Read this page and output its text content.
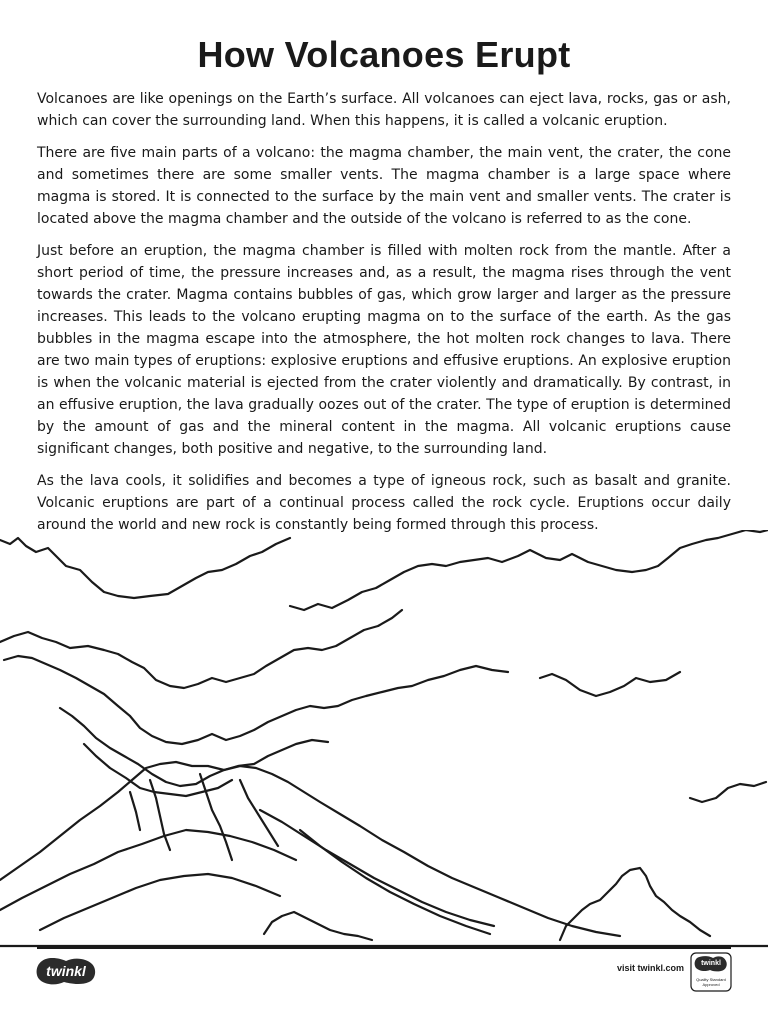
How Volcanoes Erupt

Volcanoes are like openings on the Earth’s surface. All volcanoes can eject lava, rocks, gas or ash, which can cover the surrounding land. When this happens, it is called a volcanic eruption.

There are five main parts of a volcano: the magma chamber, the main vent, the crater, the cone and sometimes there are some smaller vents. The magma chamber is a large space where magma is stored. It is connected to the surface by the main vent and smaller vents. The crater is located above the magma chamber and the outside of the volcano is referred to as the cone.

Just before an eruption, the magma chamber is filled with molten rock from the mantle. After a short period of time, the pressure increases and, as a result, the magma rises through the vent towards the crater. Magma contains bubbles of gas, which grow larger and larger as the pressure increases. This leads to the volcano erupting magma on to the surface of the earth. As the gas bubbles in the magma escape into the atmosphere, the hot molten rock changes to lava. There are two main types of eruptions: explosive eruptions and effusive eruptions. An explosive eruption is when the volcanic material is ejected from the crater violently and dramatically. By contrast, in an effusive eruption, the lava gradually oozes out of the crater. The type of eruption is determined by the amount of gas and the mineral content in the magma. All volcanic eruptions cause significant changes, both positive and negative, to the surrounding land.

As the lava cools, it solidifies and becomes a type of igneous rock, such as basalt and granite. Volcanic eruptions are part of a continual process called the rock cycle. Eruptions occur daily around the world and new rock is constantly being formed through this process.

twinkl	visit twinkl.com	twinkl
Quality Standard Approved
